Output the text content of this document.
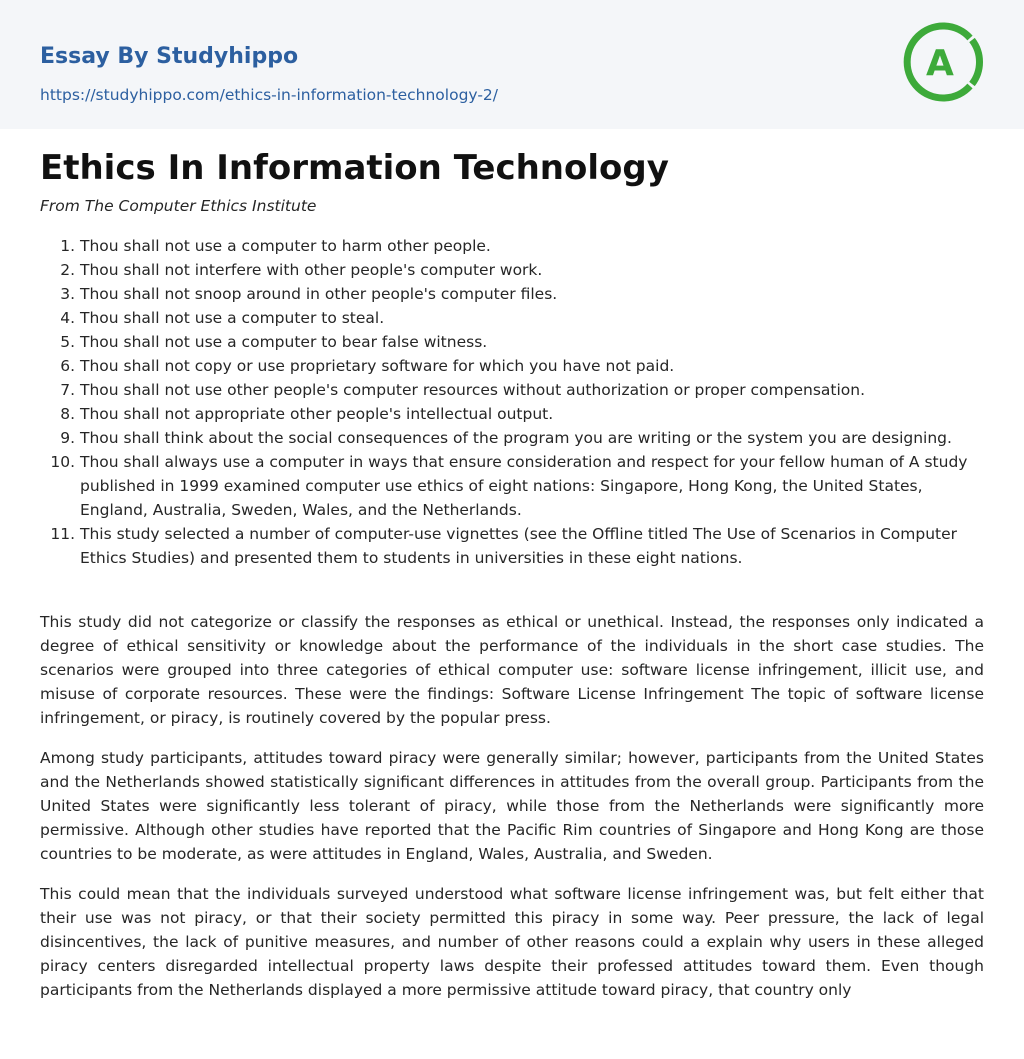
Essay By Studyhippo
https://studyhippo.com/ethics-in-information-technology-2/
A
Ethics In Information Technology
From The Computer Ethics Institute
1. Thou shall not use a computer to harm other people.
2. Thou shall not interfere with other people's computer work.
3. Thou shall not snoop around in other people's computer files.
4. Thou shall not use a computer to steal.
5. Thou shall not use a computer to bear false witness.
6. Thou shall not copy or use proprietary software for which you have not paid.
7. Thou shall not use other people's computer resources without authorization or proper compensation.
8. Thou shall not appropriate other people's intellectual output.
9. Thou shall think about the social consequences of the program you are writing or the system you are designing.
10. Thou shall always use a computer in ways that ensure consideration and respect for your fellow human of A study published in 1999 examined computer use ethics of eight nations: Singapore, Hong Kong, the United States, England, Australia, Sweden, Wales, and the Netherlands.
11. This study selected a number of computer-use vignettes (see the Offline titled The Use of Scenarios in Computer Ethics Studies) and presented them to students in universities in these eight nations.

This study did not categorize or classify the responses as ethical or unethical. Instead, the responses only indicated a degree of ethical sensitivity or knowledge about the performance of the individuals in the short case studies. The scenarios were grouped into three categories of ethical computer use: software license infringement, illicit use, and misuse of corporate resources. These were the findings: Software License Infringement The topic of software license infringement, or piracy, is routinely covered by the popular press.

Among study participants, attitudes toward piracy were generally similar; however, participants from the United States and the Netherlands showed statistically significant differences in attitudes from the overall group. Participants from the United States were significantly less tolerant of piracy, while those from the Netherlands were significantly more permissive. Although other studies have reported that the Pacific Rim countries of Singapore and Hong Kong are those countries to be moderate, as were attitudes in England, Wales, Australia, and Sweden.

This could mean that the individuals surveyed understood what software license infringement was, but felt either that their use was not piracy, or that their society permitted this piracy in some way. Peer pressure, the lack of legal disincentives, the lack of punitive measures, and number of other reasons could a explain why users in these alleged piracy centers disregarded intellectual property laws despite their professed attitudes toward them. Even though participants from the Netherlands displayed a more permissive attitude toward piracy, that country only
